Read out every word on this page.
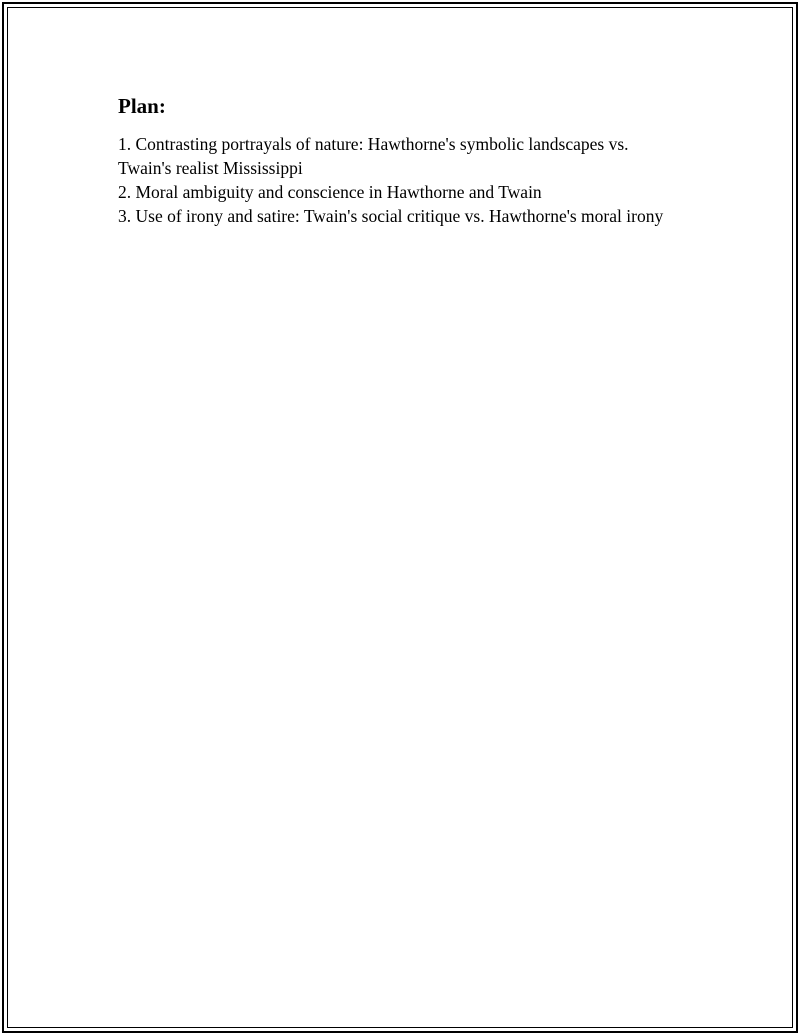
Plan:
1. Contrasting portrayals of nature: Hawthorne's symbolic landscapes vs. Twain's realist Mississippi
2. Moral ambiguity and conscience in Hawthorne and Twain
3. Use of irony and satire: Twain's social critique vs. Hawthorne's moral irony
